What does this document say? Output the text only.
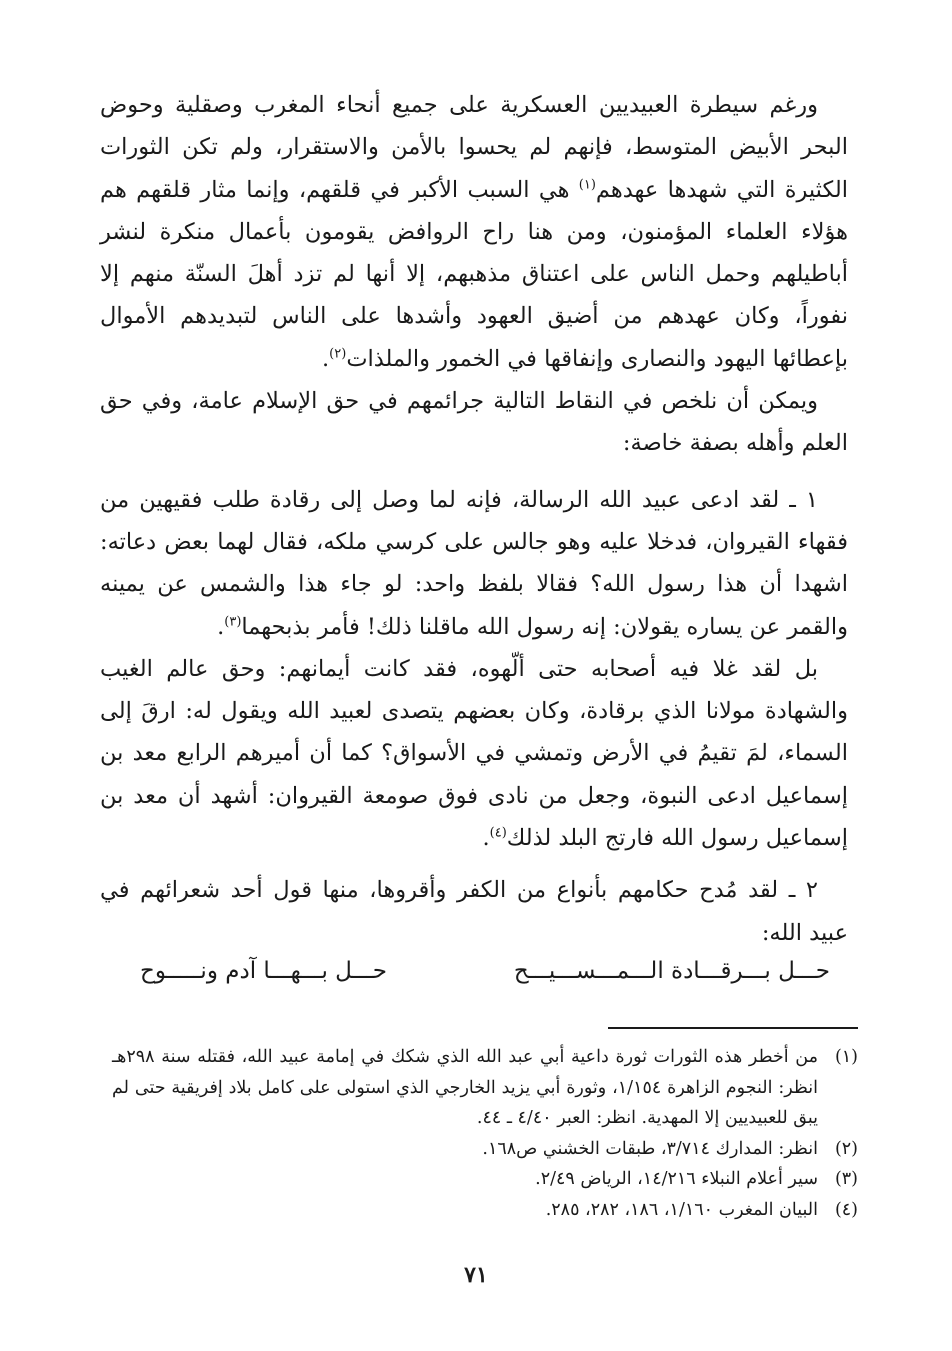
ورغم سيطرة العبيديين العسكرية على جميع أنحاء المغرب وصقلية وحوض البحر الأبيض المتوسط، فإنهم لم يحسوا بالأمن والاستقرار، ولم تكن الثورات الكثيرة التي شهدها عهدهم$^{(١)}$ هي السبب الأكبر في قلقهم، وإنما مثار قلقهم هم هؤلاء العلماء المؤمنون، ومن هنا راح الروافض يقومون بأعمال منكرة لنشر أباطيلهم وحمل الناس على اعتناق مذهبهم، إلا أنها لم تزد أهلَ السنّة منهم إلا نفوراً، وكان عهدهم من أضيق العهود وأشدها على الناس لتبديدهم الأموال بإعطائها اليهود والنصارى وإنفاقها في الخمور والملذات$^{(٢)}$.

ويمكن أن نلخص في النقاط التالية جرائمهم في حق الإسلام عامة، وفي حق العلم وأهله بصفة خاصة:

١ ـ لقد ادعى عبيد الله الرسالة، فإنه لما وصل إلى رقادة طلب فقيهين من فقهاء القيروان، فدخلا عليه وهو جالس على كرسي ملكه، فقال لهما بعض دعاته: اشهدا أن هذا رسول الله؟ فقالا بلفظ واحد: لو جاء هذا والشمس عن يمينه والقمر عن يساره يقولان: إنه رسول الله ماقلنا ذلك! فأمر بذبحهما$^{(٣)}$.

بل لقد غلا فيه أصحابه حتى ألّهوه، فقد كانت أيمانهم: وحق عالم الغيب والشهادة مولانا الذي برقادة، وكان بعضهم يتصدى لعبيد الله ويقول له: ارقَ إلى السماء، لمَ تقيمُ في الأرض وتمشي في الأسواق؟ كما أن أميرهم الرابع معد بن إسماعيل ادعى النبوة، وجعل من نادى فوق صومعة القيروان: أشهد أن معد بن إسماعيل رسول الله فارتج البلد لذلك$^{(٤)}$.

٢ ـ لقد مُدح حكامهم بأنواع من الكفر وأقروها، منها قول أحد شعرائهم في عبيد الله:

حـــل بـــرقـــادة الـــمـــســـيـــح
حـــل بـــهـــا آدم ونـــــوح
(١)
من أخطر هذه الثورات ثورة داعية أبي عبد الله الذي شكك في إمامة عبيد الله، فقتله سنة ٢٩٨هـ انظر: النجوم الزاهرة ١/١٥٤، وثورة أبي يزيد الخارجي الذي استولى على كامل بلاد إفريقية حتى لم يبق للعبيديين إلا المهدية. انظر: العبر ٤/٤٠ ـ ٤٤.
(٢)
انظر: المدارك ٣/٧١٤، طبقات الخشني ص١٦٨.
(٣)
سير أعلام النبلاء ١٤/٢١٦، الرياض ٢/٤٩.
(٤)
البيان المغرب ١/١٦٠، ١٨٦، ٢٨٢، ٢٨٥.
٧١
